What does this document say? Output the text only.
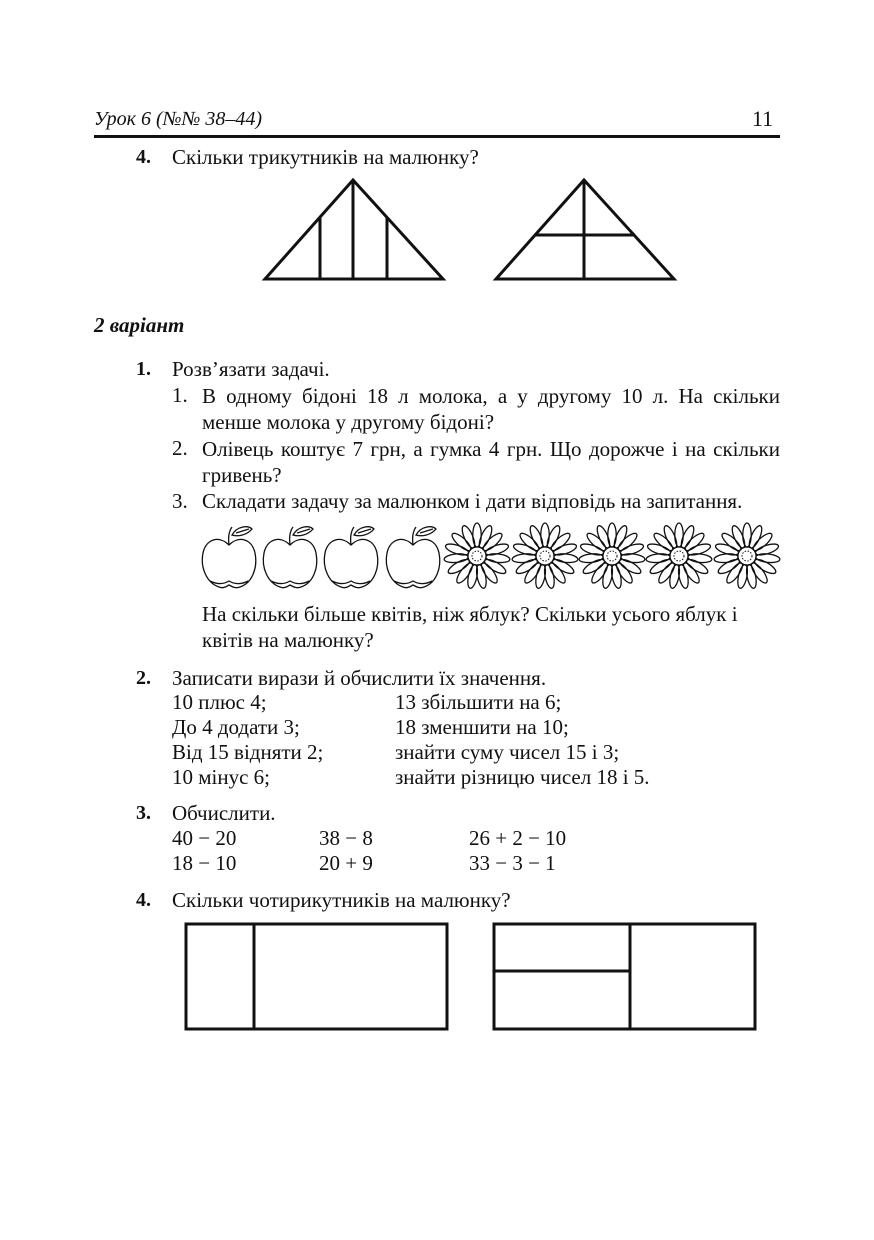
Урок 6 (№№ 38–44)	11
4. Скільки трикутників на малюнку?
2 варіант
1. Розв’язати задачі.
1. В одному бідоні 18 л молока, а у другому 10 л. На скільки менше молока у другому бідоні?
2. Олівець коштує 7 грн, а гумка 4 грн. Що дорожче і на скільки гривень?
3. Складати задачу за малюнком і дати відповідь на запитання.
На скільки більше квітів, ніж яблук? Скільки усього яблук і квітів на малюнку?
2. Записати вирази й обчислити їх значення.
10 плюс 4;	13 збільшити на 6;
До 4 додати 3;	18 зменшити на 10;
Від 15 відняти 2;	знайти суму чисел 15 і 3;
10 мінус 6;	знайти різницю чисел 18 і 5.
3. Обчислити.
40 − 20	38 − 8	26 + 2 − 10
18 − 10	20 + 9	33 − 3 − 1
4. Скільки чотирикутників на малюнку?
